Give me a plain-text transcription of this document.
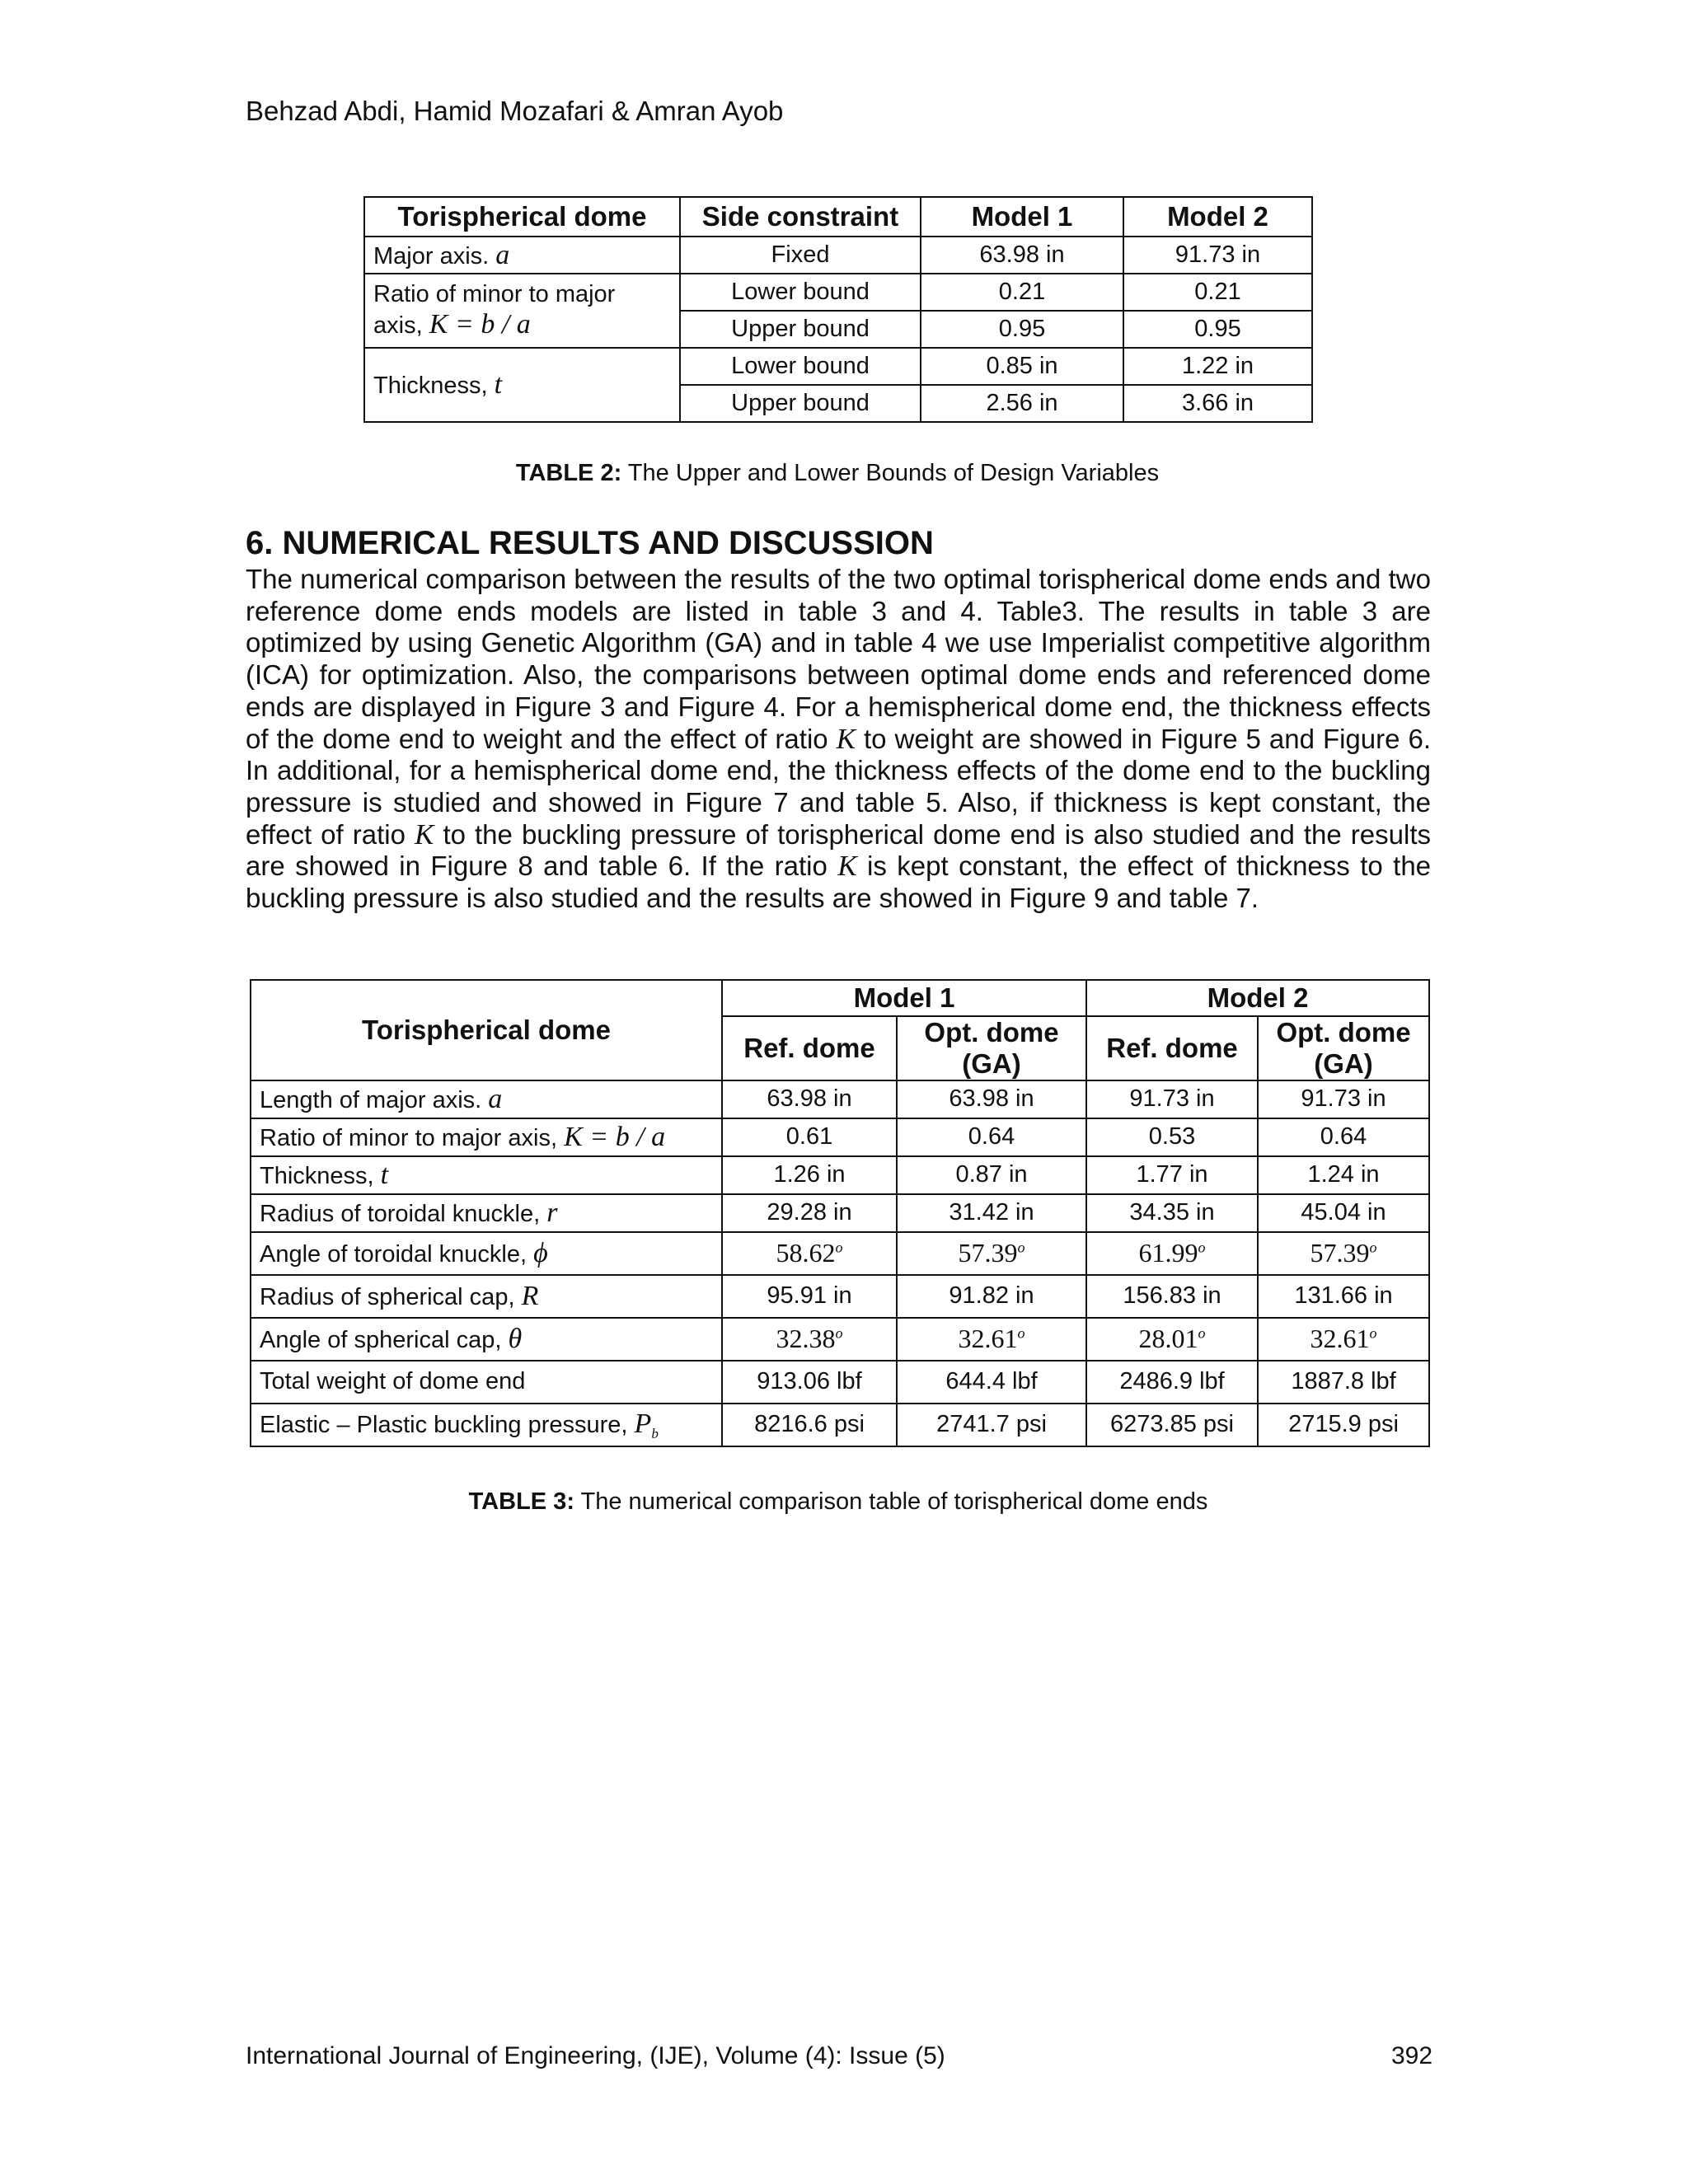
Behzad Abdi, Hamid Mozafari & Amran Ayob
Torispherical dome	Side constraint	Model 1	Model 2
Major axis. a	Fixed	63.98 in	91.73 in

Ratio of minor to major
axis, K = b / a	Lower bound	0.21	0.21
	Upper bound	0.95	0.95
Thickness, t	Lower bound	0.85 in	1.22 in
	Upper bound	2.56 in	3.66 in
TABLE 2: The Upper and Lower Bounds of Design Variables
6. NUMERICAL RESULTS AND DISCUSSION
The numerical comparison between the results of the two optimal torispherical dome ends and two reference dome ends models are listed in table 3 and 4. Table3. The results in table 3 are optimized by using Genetic Algorithm (GA) and in table 4 we use Imperialist competitive algorithm (ICA) for optimization. Also, the comparisons between optimal dome ends and referenced dome ends are displayed in Figure 3 and Figure 4. For a hemispherical dome end, the thickness effects of the dome end to weight and the effect of ratio K to weight are showed in Figure 5 and Figure 6. In additional, for a hemispherical dome end, the thickness effects of the dome end to the buckling pressure is studied and showed in Figure 7 and table 5. Also, if thickness is kept constant, the effect of ratio K to the buckling pressure of torispherical dome end is also studied and the results are showed in Figure 8 and table 6. If the ratio K is kept constant, the effect of thickness to the buckling pressure is also studied and the results are showed in Figure 9 and table 7.
Torispherical dome	Model 1		Model 2	
	Ref. dome	Opt. dome (GA)	Ref. dome	Opt. dome (GA)
Length of major axis. a	63.98 in	63.98 in	91.73 in	91.73 in
Ratio of minor to major axis, K = b / a	0.61	0.64	0.53	0.64
Thickness, t	1.26 in	0.87 in	1.77 in	1.24 in
Radius of toroidal knuckle, r	29.28 in	31.42 in	34.35 in	45.04 in
Angle of toroidal knuckle, ϕ	58.62$^o$	57.39$^o$	61.99$^o$	57.39$^o$
Radius of spherical cap, R	95.91 in	91.82 in	156.83 in	131.66 in
Angle of spherical cap, θ	32.38$^o$	32.61$^o$	28.01$^o$	32.61$^o$
Total weight of dome end	913.06 lbf	644.4 lbf	2486.9 lbf	1887.8 lbf
Elastic – Plastic buckling pressure, $P_b$	8216.6 psi	2741.7 psi	6273.85 psi	2715.9 psi
TABLE 3: The numerical comparison table of torispherical dome ends
International Journal of Engineering, (IJE), Volume (4): Issue (5)	392
